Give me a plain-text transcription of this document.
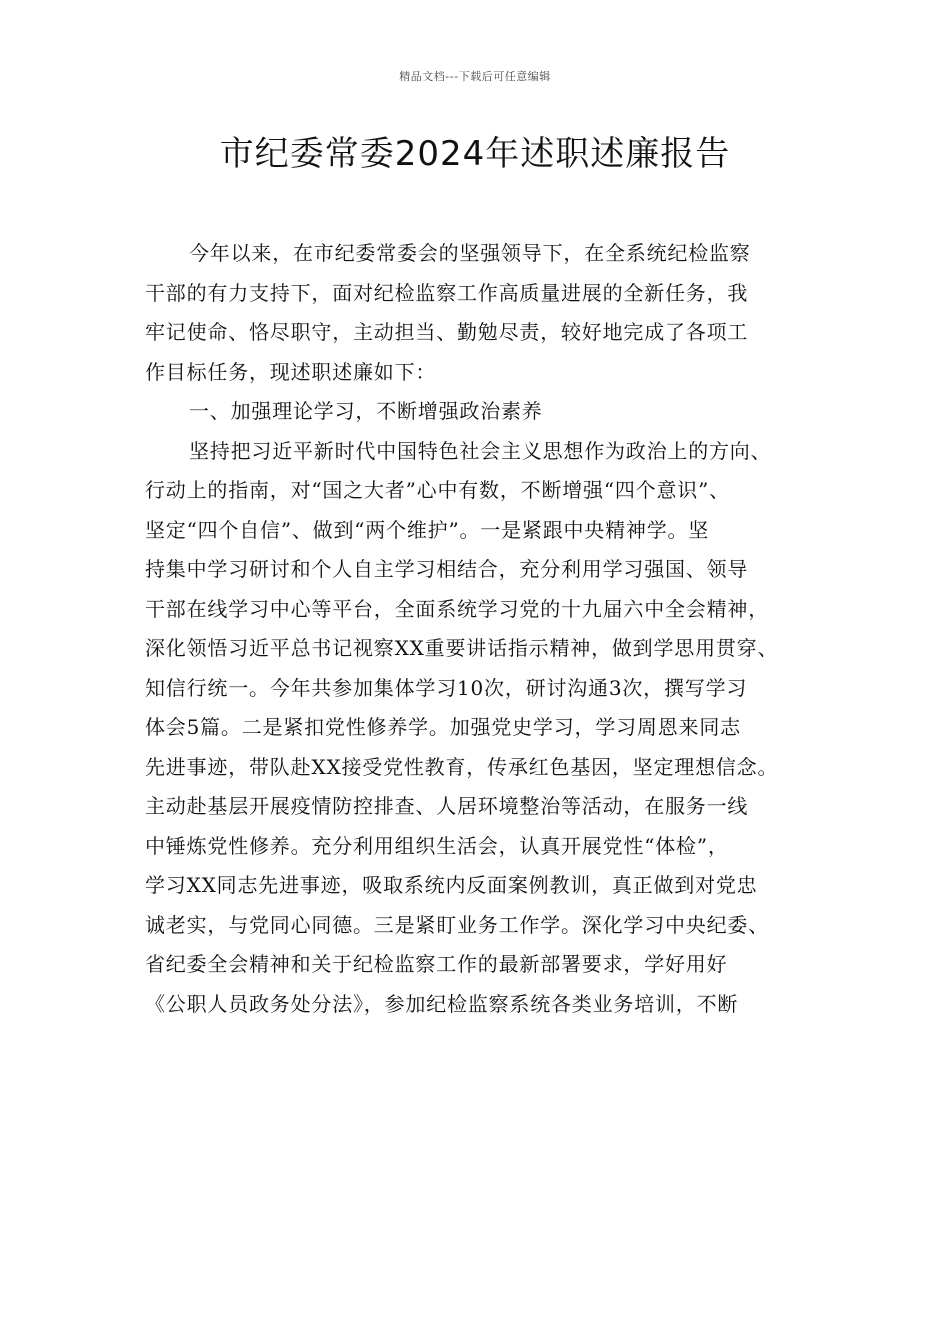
精品文档---下载后可任意编辑
市纪委常委2024年述职述廉报告
今年以来，在市纪委常委会的坚强领导下，在全系统纪检监察
干部的有力支持下，面对纪检监察工作高质量进展的全新任务，我
牢记使命、恪尽职守，主动担当、勤勉尽责，较好地完成了各项工
作目标任务，现述职述廉如下：
一、加强理论学习，不断增强政治素养
坚持把习近平新时代中国特色社会主义思想作为政治上的方向、
行动上的指南，对“国之大者”心中有数，不断增强“四个意识”、
坚定“四个自信”、做到“两个维护”。一是紧跟中央精神学。坚
持集中学习研讨和个人自主学习相结合，充分利用学习强国、领导
干部在线学习中心等平台，全面系统学习党的十九届六中全会精神，
深化领悟习近平总书记视察XX重要讲话指示精神，做到学思用贯穿、
知信行统一。今年共参加集体学习10次，研讨沟通3次，撰写学习
体会5篇。二是紧扣党性修养学。加强党史学习，学习周恩来同志
先进事迹，带队赴XX接受党性教育，传承红色基因，坚定理想信念。
主动赴基层开展疫情防控排查、人居环境整治等活动，在服务一线
中锤炼党性修养。充分利用组织生活会，认真开展党性“体检”，
学习XX同志先进事迹，吸取系统内反面案例教训，真正做到对党忠
诚老实，与党同心同德。三是紧盯业务工作学。深化学习中央纪委、
省纪委全会精神和关于纪检监察工作的最新部署要求，学好用好
《公职人员政务处分法》，参加纪检监察系统各类业务培训，不断
